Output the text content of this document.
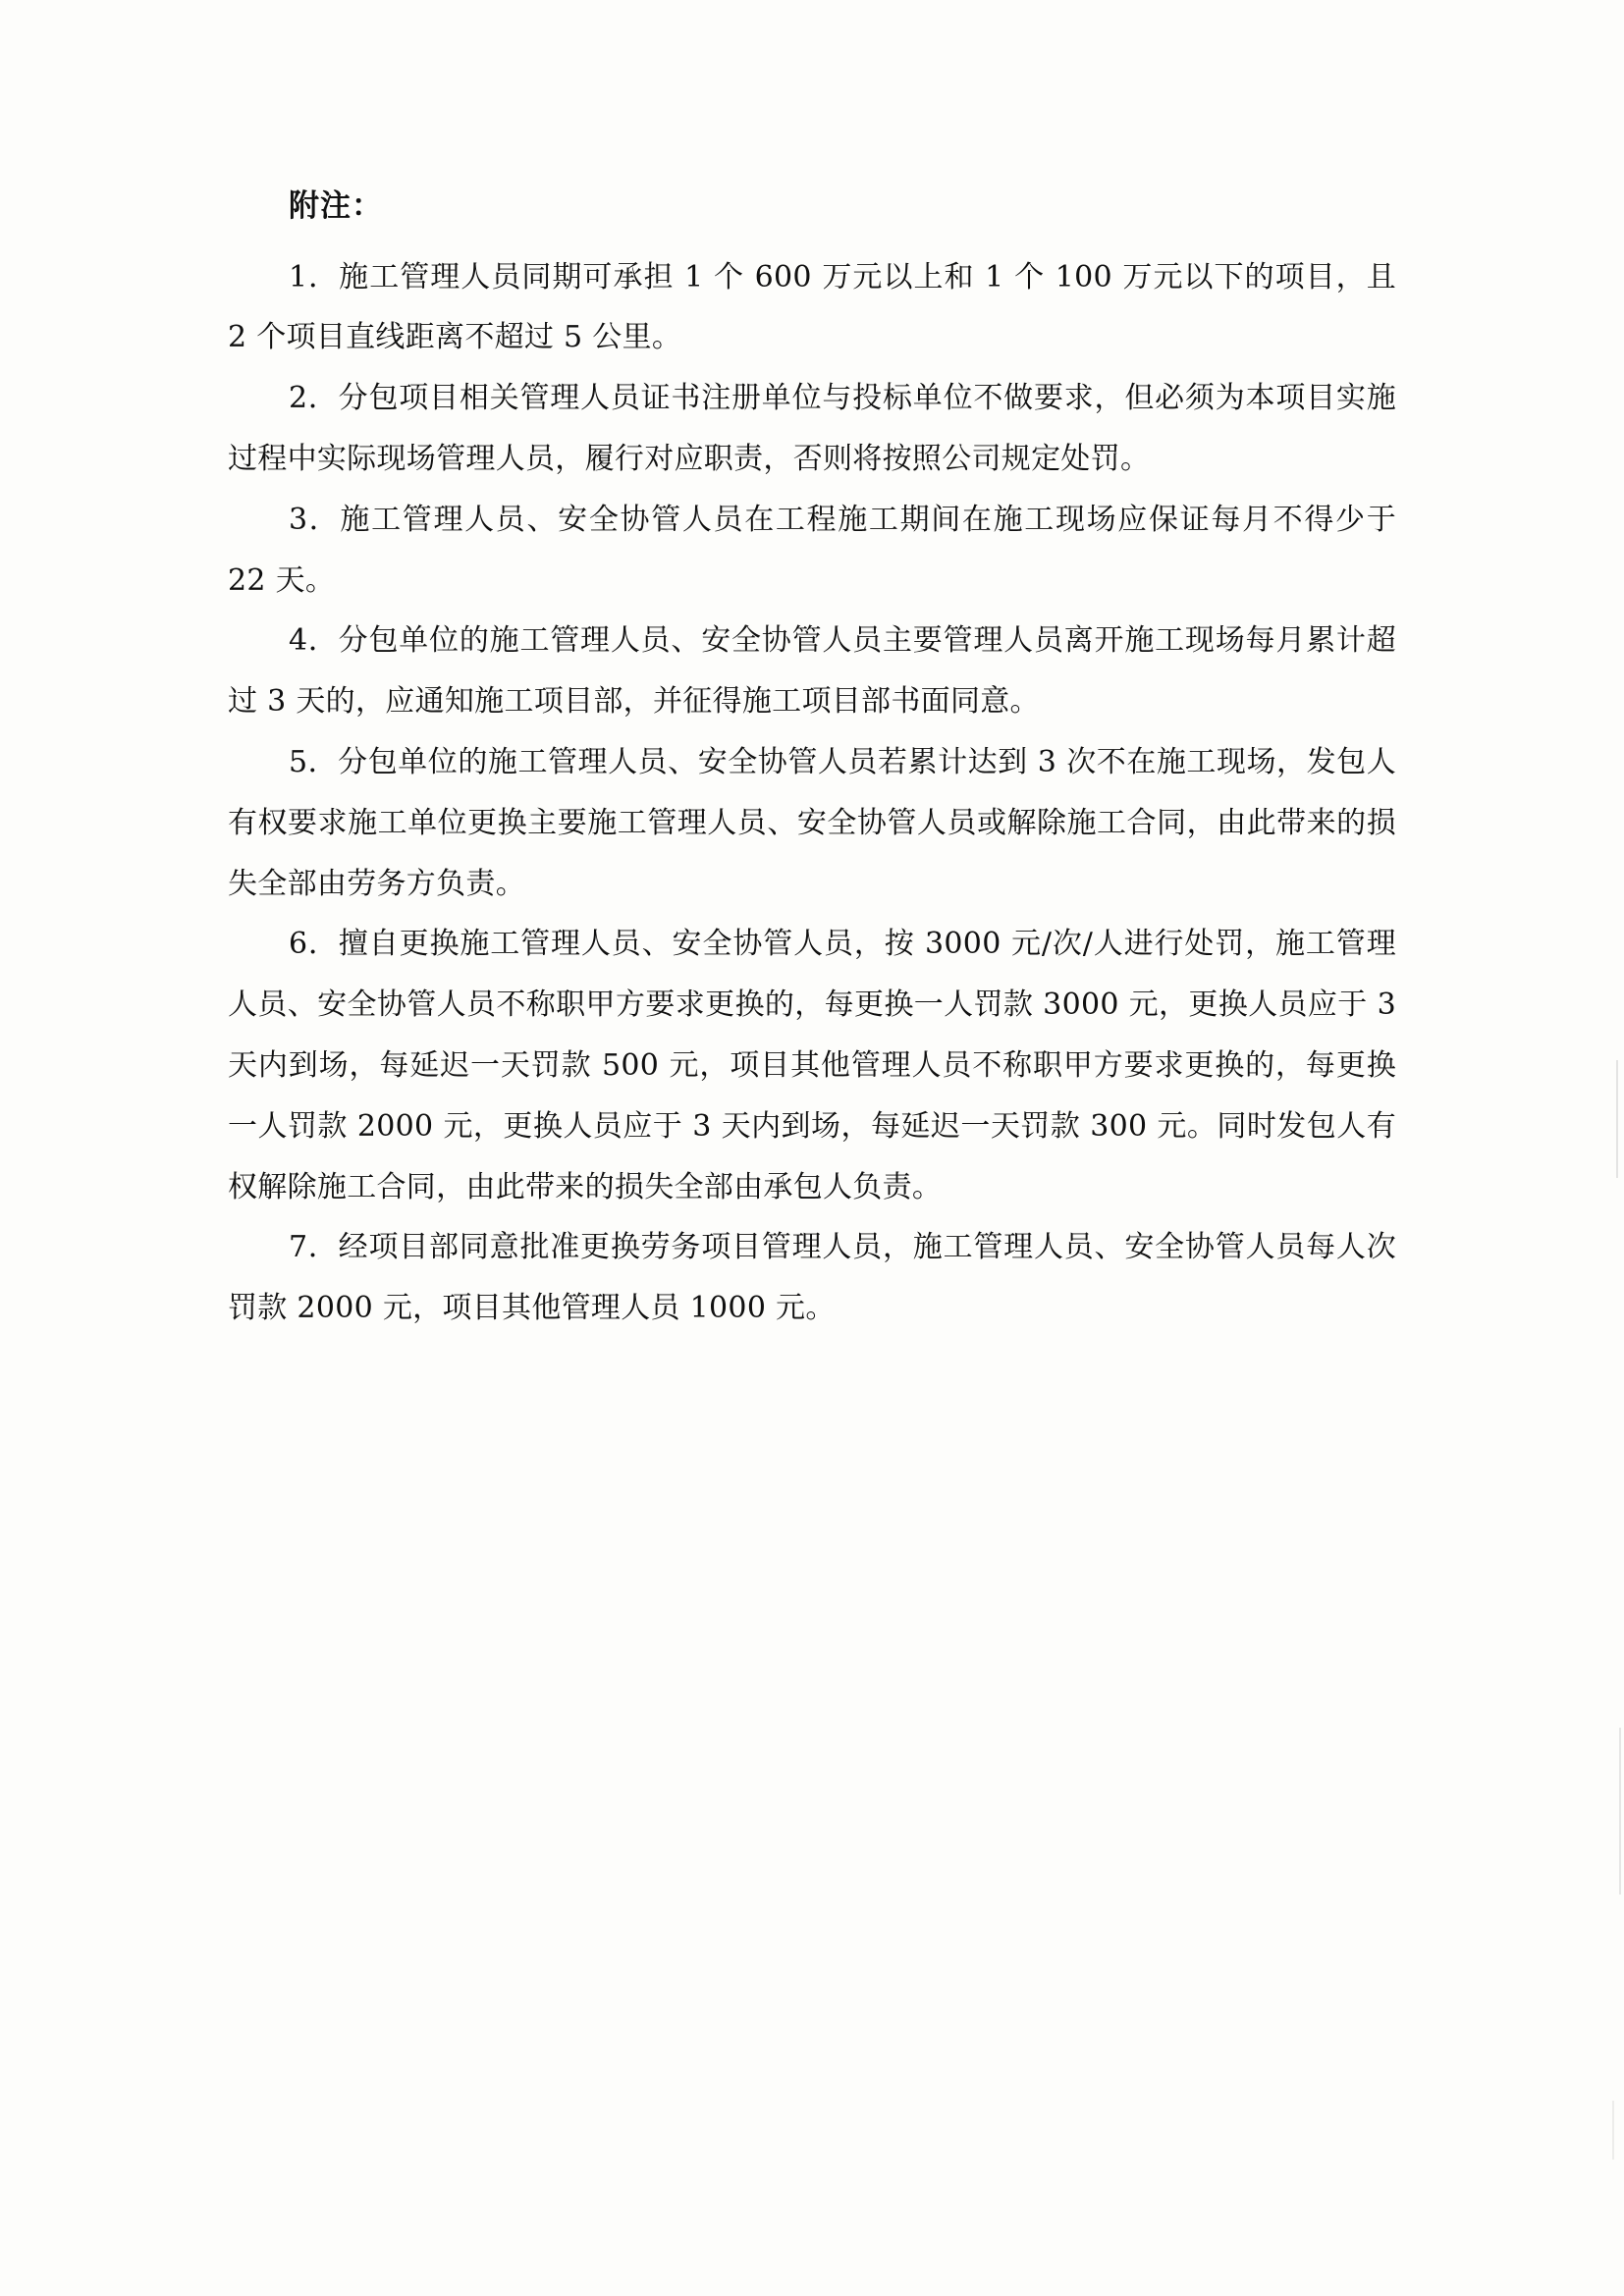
附注：

1．施工管理人员同期可承担 1 个 600 万元以上和 1 个 100 万元以下的项目，且 2 个项目直线距离不超过 5 公里。

2．分包项目相关管理人员证书注册单位与投标单位不做要求，但必须为本项目实施过程中实际现场管理人员，履行对应职责，否则将按照公司规定处罚。

3．施工管理人员、安全协管人员在工程施工期间在施工现场应保证每月不得少于 22 天。

4．分包单位的施工管理人员、安全协管人员主要管理人员离开施工现场每月累计超过 3 天的，应通知施工项目部，并征得施工项目部书面同意。

5．分包单位的施工管理人员、安全协管人员若累计达到 3 次不在施工现场，发包人有权要求施工单位更换主要施工管理人员、安全协管人员或解除施工合同，由此带来的损失全部由劳务方负责。

6．擅自更换施工管理人员、安全协管人员，按 3000 元/次/人进行处罚，施工管理人员、安全协管人员不称职甲方要求更换的，每更换一人罚款 3000 元，更换人员应于 3 天内到场，每延迟一天罚款 500 元，项目其他管理人员不称职甲方要求更换的，每更换一人罚款 2000 元，更换人员应于 3 天内到场，每延迟一天罚款 300 元。同时发包人有权解除施工合同，由此带来的损失全部由承包人负责。

7．经项目部同意批准更换劳务项目管理人员，施工管理人员、安全协管人员每人次罚款 2000 元，项目其他管理人员 1000 元。
